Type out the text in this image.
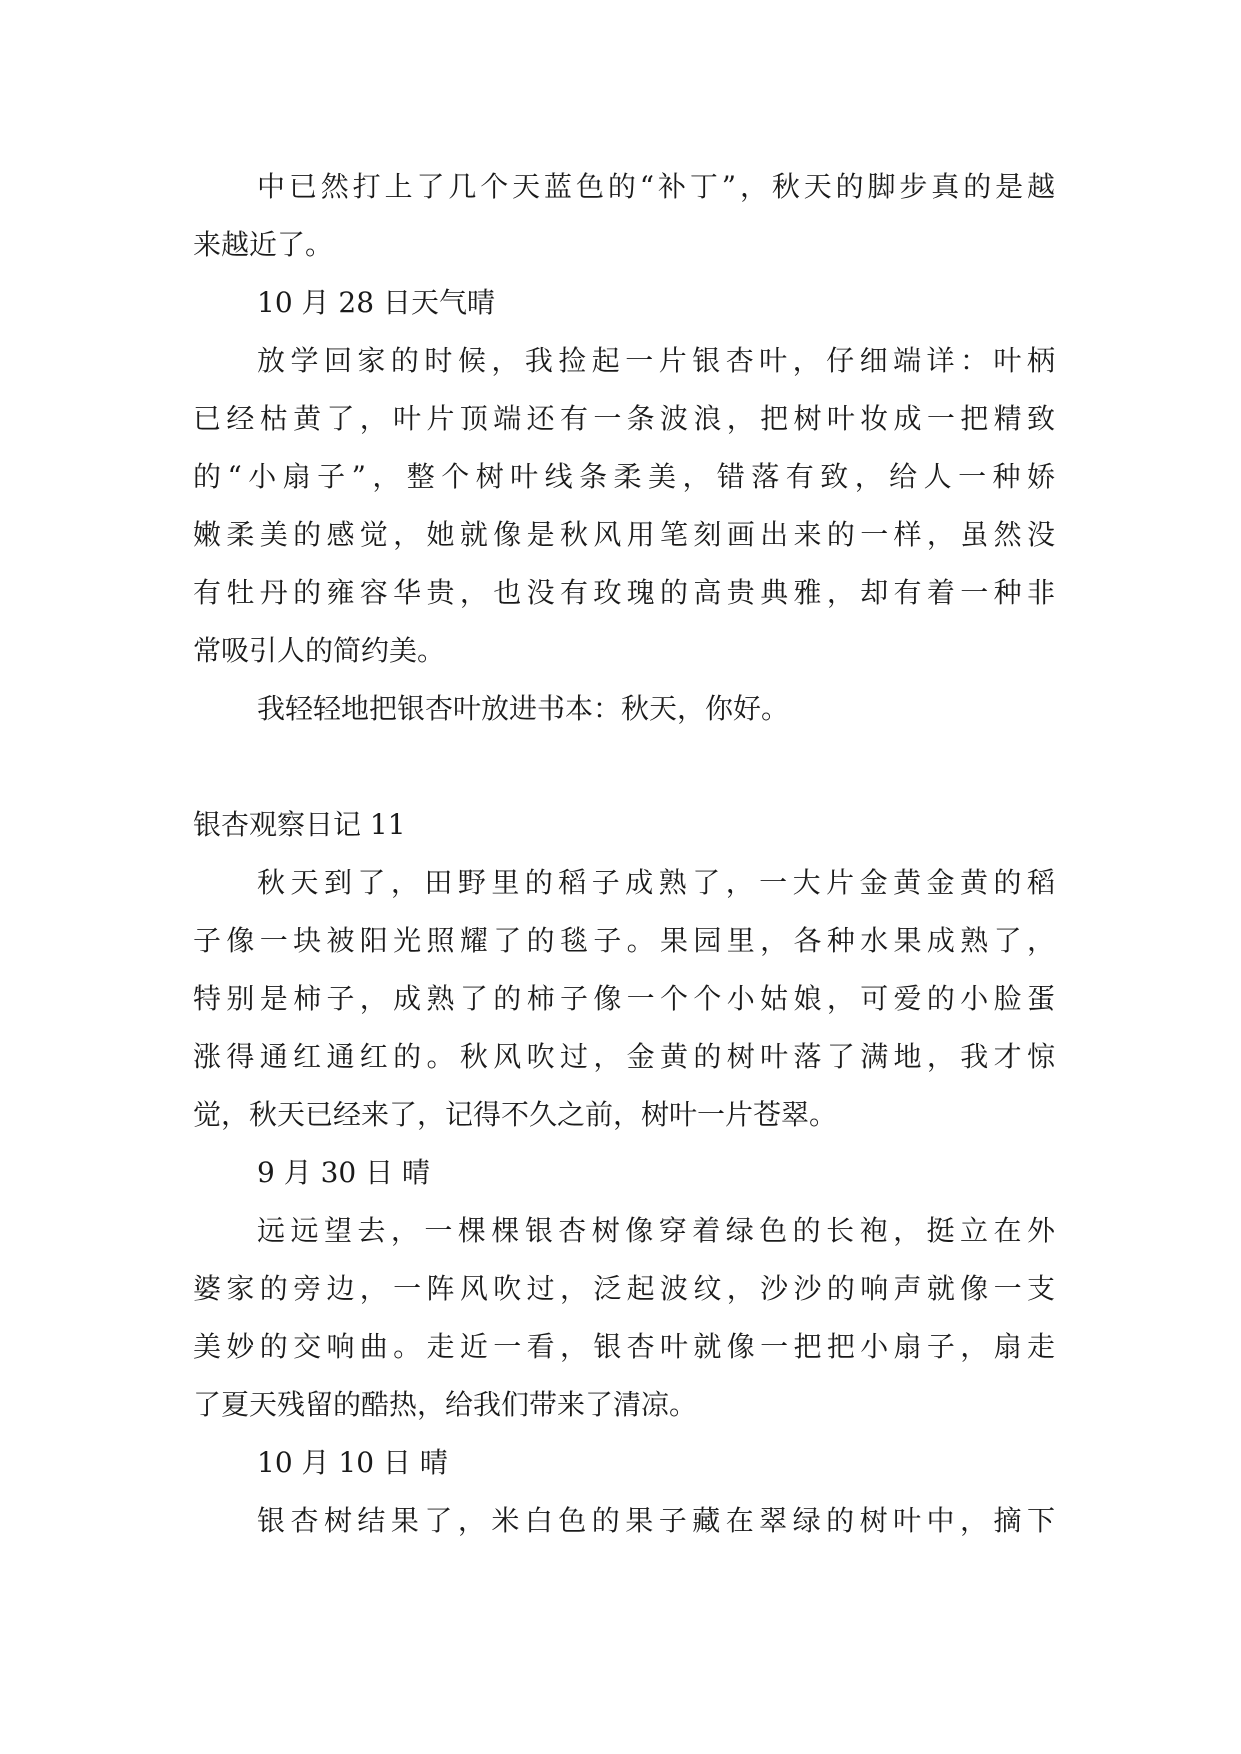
中已然打上了几个天蓝色的“补丁”，秋天的脚步真的是越
来越近了。
10 月 28 日天气晴
放学回家的时候，我捡起一片银杏叶，仔细端详：叶柄
已经枯黄了，叶片顶端还有一条波浪，把树叶妆成一把精致
的“小扇子”，整个树叶线条柔美，错落有致，给人一种娇
嫩柔美的感觉，她就像是秋风用笔刻画出来的一样，虽然没
有牡丹的雍容华贵，也没有玫瑰的高贵典雅，却有着一种非
常吸引人的简约美。
我轻轻地把银杏叶放进书本：秋天，你好。
银杏观察日记 11
秋天到了，田野里的稻子成熟了，一大片金黄金黄的稻
子像一块被阳光照耀了的毯子。果园里，各种水果成熟了，
特别是柿子，成熟了的柿子像一个个小姑娘，可爱的小脸蛋
涨得通红通红的。秋风吹过，金黄的树叶落了满地，我才惊
觉，秋天已经来了，记得不久之前，树叶一片苍翠。
9 月 30 日 晴
远远望去，一棵棵银杏树像穿着绿色的长袍，挺立在外
婆家的旁边，一阵风吹过，泛起波纹，沙沙的响声就像一支
美妙的交响曲。走近一看，银杏叶就像一把把小扇子，扇走
了夏天残留的酷热，给我们带来了清凉。
10 月 10 日 晴
银杏树结果了，米白色的果子藏在翠绿的树叶中，摘下
